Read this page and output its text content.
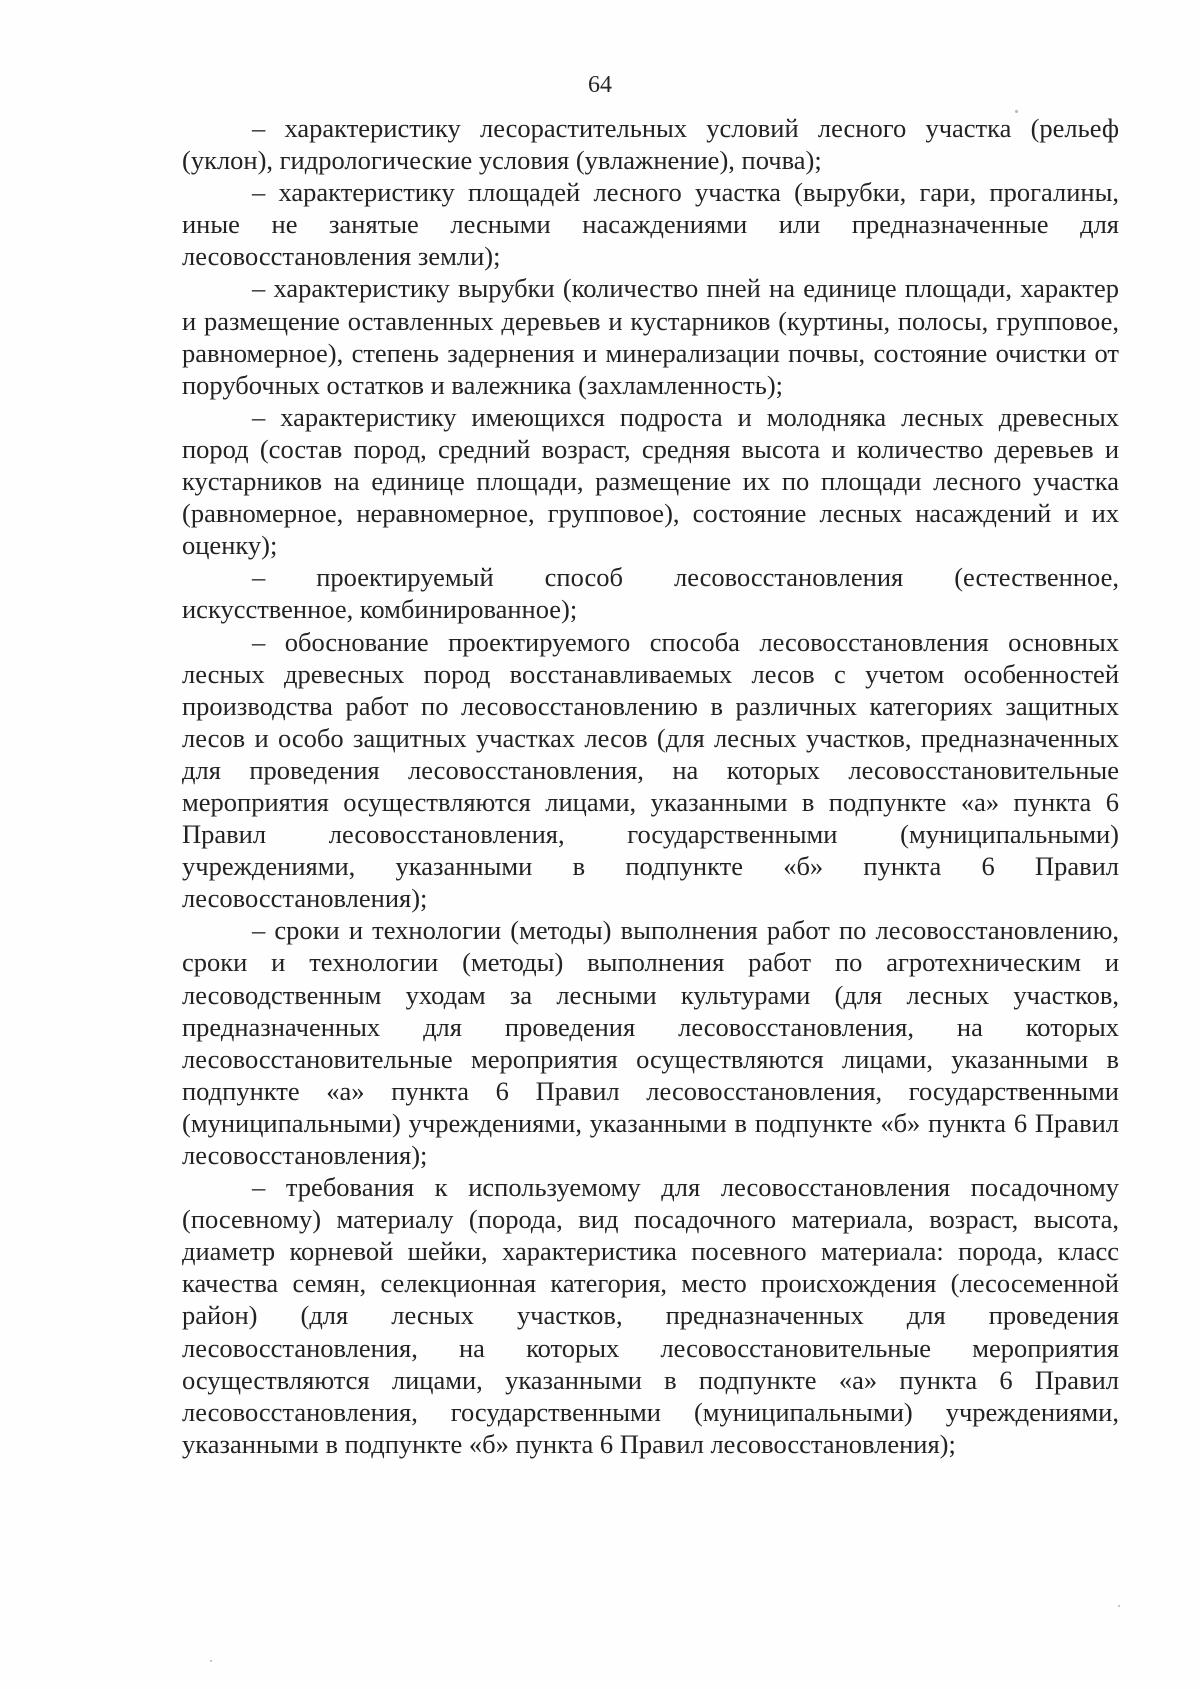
64

– характеристику лесорастительных условий лесного участка (рельеф (уклон), гидрологические условия (увлажнение), почва);

– характеристику площадей лесного участка (вырубки, гари, прогалины, иные не занятые лесными насаждениями или предназначенные для лесовосстановления земли);

– характеристику вырубки (количество пней на единице площади, характер и размещение оставленных деревьев и кустарников (куртины, полосы, групповое, равномерное), степень задернения и минерализации почвы, состояние очистки от порубочных остатков и валежника (захламленность);

– характеристику имеющихся подроста и молодняка лесных древесных пород (состав пород, средний возраст, средняя высота и количество деревьев и кустарников на единице площади, размещение их по площади лесного участка (равномерное, неравномерное, групповое), состояние лесных насаждений и их оценку);

– проектируемый способ лесовосстановления (естественное, искусственное, комбинированное);

– обоснование проектируемого способа лесовосстановления основных лесных древесных пород восстанавливаемых лесов с учетом особенностей производства работ по лесовосстановлению в различных категориях защитных лесов и особо защитных участках лесов (для лесных участков, предназначенных для проведения лесовосстановления, на которых лесовосстановительные мероприятия осуществляются лицами, указанными в подпункте «а» пункта 6 Правил лесовосстановления, государственными (муниципальными) учреждениями, указанными в подпункте «б» пункта 6 Правил лесовосстановления);

– сроки и технологии (методы) выполнения работ по лесовосстановлению, сроки и технологии (методы) выполнения работ по агротехническим и лесоводственным уходам за лесными культурами (для лесных участков, предназначенных для проведения лесовосстановления, на которых лесовосстановительные мероприятия осуществляются лицами, указанными в подпункте «а» пункта 6 Правил лесовосстановления, государственными (муниципальными) учреждениями, указанными в подпункте «б» пункта 6 Правил лесовосстановления);

– требования к используемому для лесовосстановления посадочному (посевному) материалу (порода, вид посадочного материала, возраст, высота, диаметр корневой шейки, характеристика посевного материала: порода, класс качества семян, селекционная категория, место происхождения (лесосеменной район) (для лесных участков, предназначенных для проведения лесовосстановления, на которых лесовосстановительные мероприятия осуществляются лицами, указанными в подпункте «а» пункта 6 Правил лесовосстановления, государственными (муниципальными) учреждениями, указанными в подпункте «б» пункта 6 Правил лесовосстановления);
